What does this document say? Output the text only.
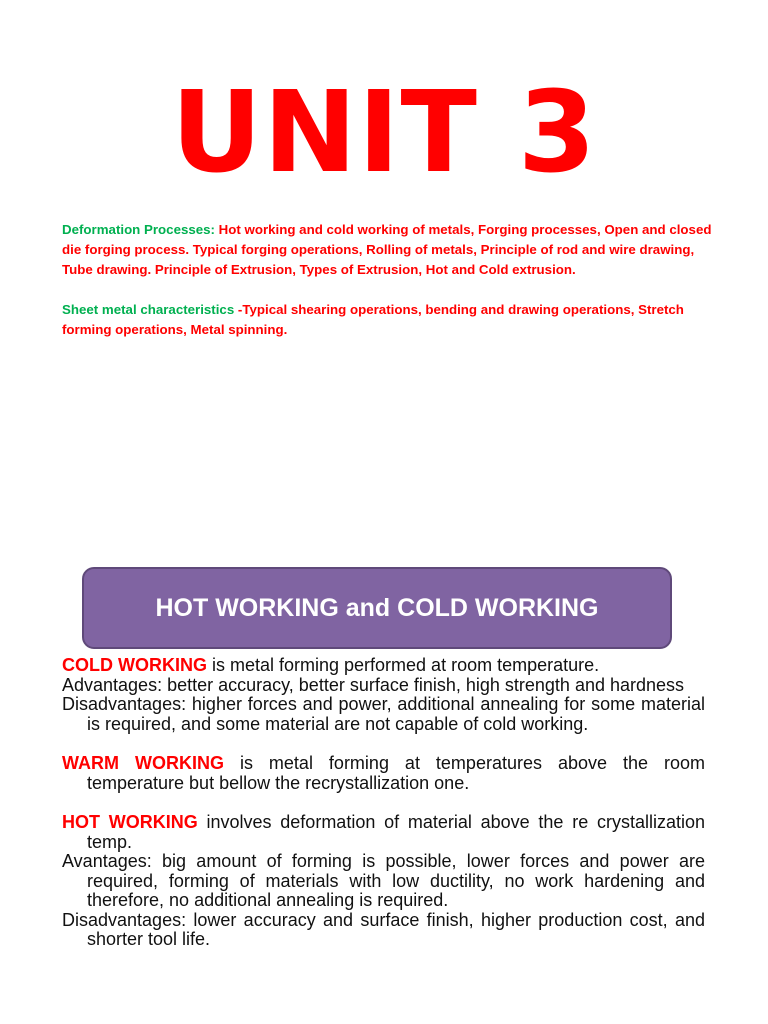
UNIT 3

Deformation Processes: Hot working and cold working of metals, Forging processes, Open and closed die forging process. Typical forging operations, Rolling of metals, Principle of rod and wire drawing, Tube drawing. Principle of Extrusion, Types of Extrusion, Hot and Cold extrusion.

Sheet metal characteristics -Typical shearing operations, bending and drawing operations, Stretch forming operations, Metal spinning.

HOT WORKING and COLD WORKING

COLD WORKING is metal forming performed at room temperature.

Advantages: better accuracy, better surface finish, high strength and hardness

Disadvantages: higher forces and power, additional annealing for some material is required, and some material are not capable of cold working.

WARM WORKING is metal forming at temperatures above the room temperature but bellow the recrystallization one.

HOT WORKING involves deformation of material above the re crystallization temp.

Avantages: big amount of forming is possible, lower forces and power are required, forming of materials with low ductility, no work hardening and therefore, no additional annealing is required.

Disadvantages: lower accuracy and surface finish, higher production cost, and shorter tool life.
